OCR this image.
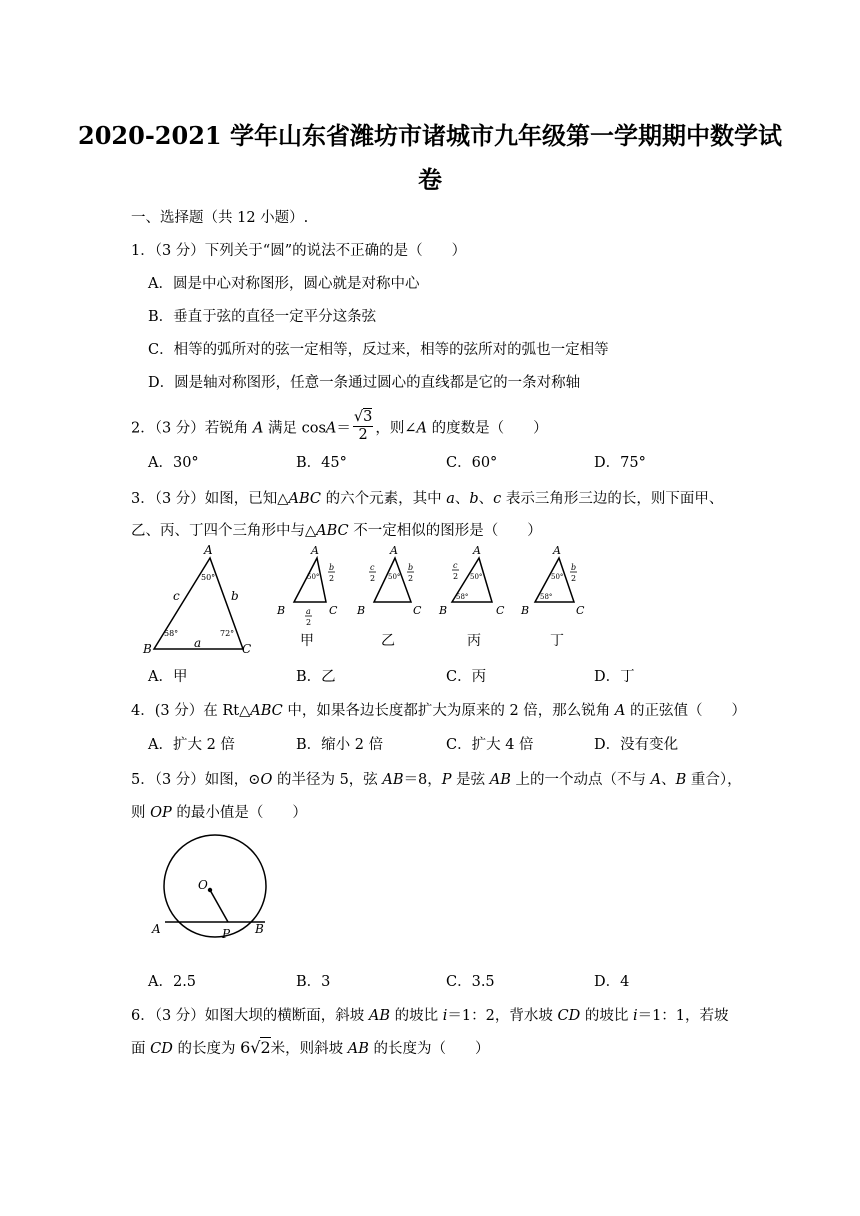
2020-2021 学年山东省潍坊市诸城市九年级第一学期期中数学试
卷
一、选择题（共 12 小题）.
1．（3 分）下列关于“圆”的说法不正确的是（　　）
A．圆是中心对称图形，圆心就是对称中心
B．垂直于弦的直径一定平分这条弦
C．相等的弧所对的弦一定相等，反过来，相等的弦所对的弧也一定相等
D．圆是轴对称图形，任意一条通过圆心的直线都是它的一条对称轴
2．（3 分）若锐角 A 满足 $\cos A= \frac{√3}{2}$ ，则∠A 的度数是（　　）
A．30°	B．45°	C．60°	D．75°
3．（3 分）如图，已知△ABC 的六个元素，其中 a、b、c 表示三角形三边的长，则下面甲、
乙、丙、丁四个三角形中与△ABC 不一定相似的图形是（　　）
A
B	C
c	b
a
50°
58°	72°
A
B	C
50°
b
2
a
2
甲
A
B	C
50°
c
2
b
2
乙
A
B	C
50°
58°
c
2
丙
A
B	C
50°
58°
b
2
丁
A．甲	B．乙	C．丙	D．丁
4．(3 分）在 Rt△ABC 中，如果各边长度都扩大为原来的 2 倍，那么锐角 A 的正弦值（　　）
A．扩大 2 倍	B．缩小 2 倍	C．扩大 4 倍	D．没有变化
5．（3 分）如图，⊙O 的半径为 5，弦 AB＝8，P 是弦 AB 上的一个动点（不与 A、B 重合），
则 OP 的最小值是（　　）
O
A	B
P
A．2.5	B．3	C．3.5	D．4
6．（3 分）如图大坝的横断面，斜坡 AB 的坡比 i＝1：2，背水坡 CD 的坡比 i＝1：1，若坡
面 CD 的长度为 6√2米，则斜坡 AB 的长度为（　　）
